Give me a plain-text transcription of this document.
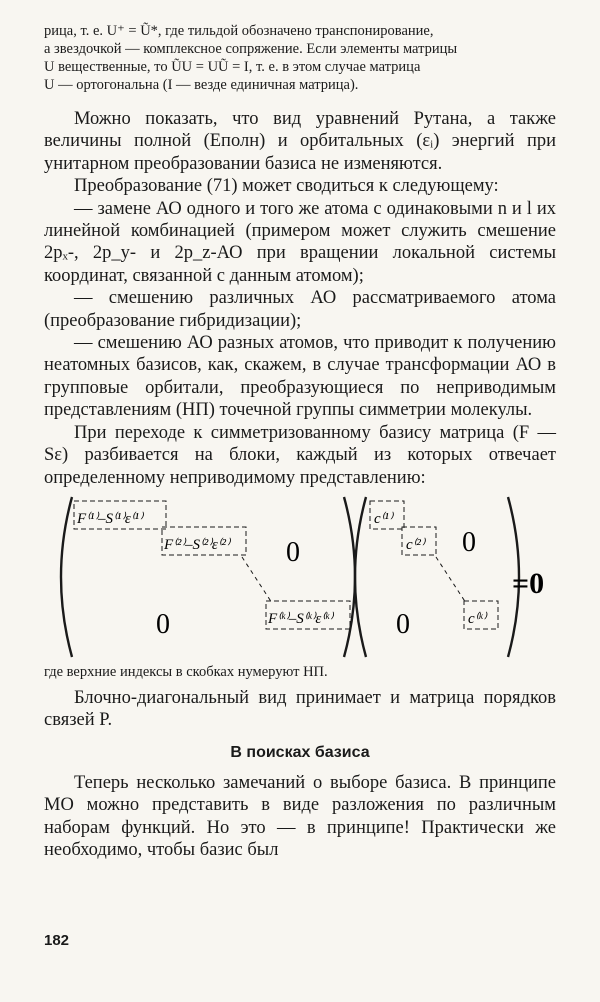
рица, т. е. U⁺ = Ũ*, где тильдой обозначено транспонирование,
а звездочкой — комплексное сопряжение. Если элементы матрицы
U вещественные, то ŨU = UŨ = I, т. е. в этом случае матрица
U — ортогональна (I — везде единичная матрица).

Можно показать, что вид уравнений Рутана, а также величины полной (Eполн) и орбитальных (εᵢ) энергий при унитарном преобразовании базиса не изменяются.

Преобразование (71) может сводиться к следующему:

— замене АО одного и того же атома с одинаковыми n и l их линейной комбинацией (примером может служить смешение 2pₓ-, 2p_y- и 2p_z-АО при вращении локальной системы координат, связанной с данным атомом);

— смешению различных АО рассматриваемого атома (преобразование гибридизации);

— смешению АО разных атомов, что приводит к получению неатомных базисов, как, скажем, в случае трансформации АО в групповые орбитали, преобразующиеся по неприводимым представлениям (НП) точечной группы симметрии молекулы.

При переходе к симметризованному базису матрица (F — Sε) разбивается на блоки, каждый из которых отвечает определенному неприводимому представлению:

F⁽¹⁾–S⁽¹⁾ε⁽¹⁾
F⁽²⁾–S⁽²⁾ε⁽²⁾
F⁽ᵏ⁾–S⁽ᵏ⁾ε⁽ᵏ⁾
0
0
c⁽¹⁾
c⁽²⁾
c⁽ᵏ⁾
0
0
=0
где верхние индексы в скобках нумеруют НП.

Блочно-диагональный вид принимает и матрица порядков связей P.

В поисках базиса

Теперь несколько замечаний о выборе базиса. В принципе МО можно представить в виде разложения по различным наборам функций. Но это — в принципе! Практически же необходимо, чтобы базис был

182
